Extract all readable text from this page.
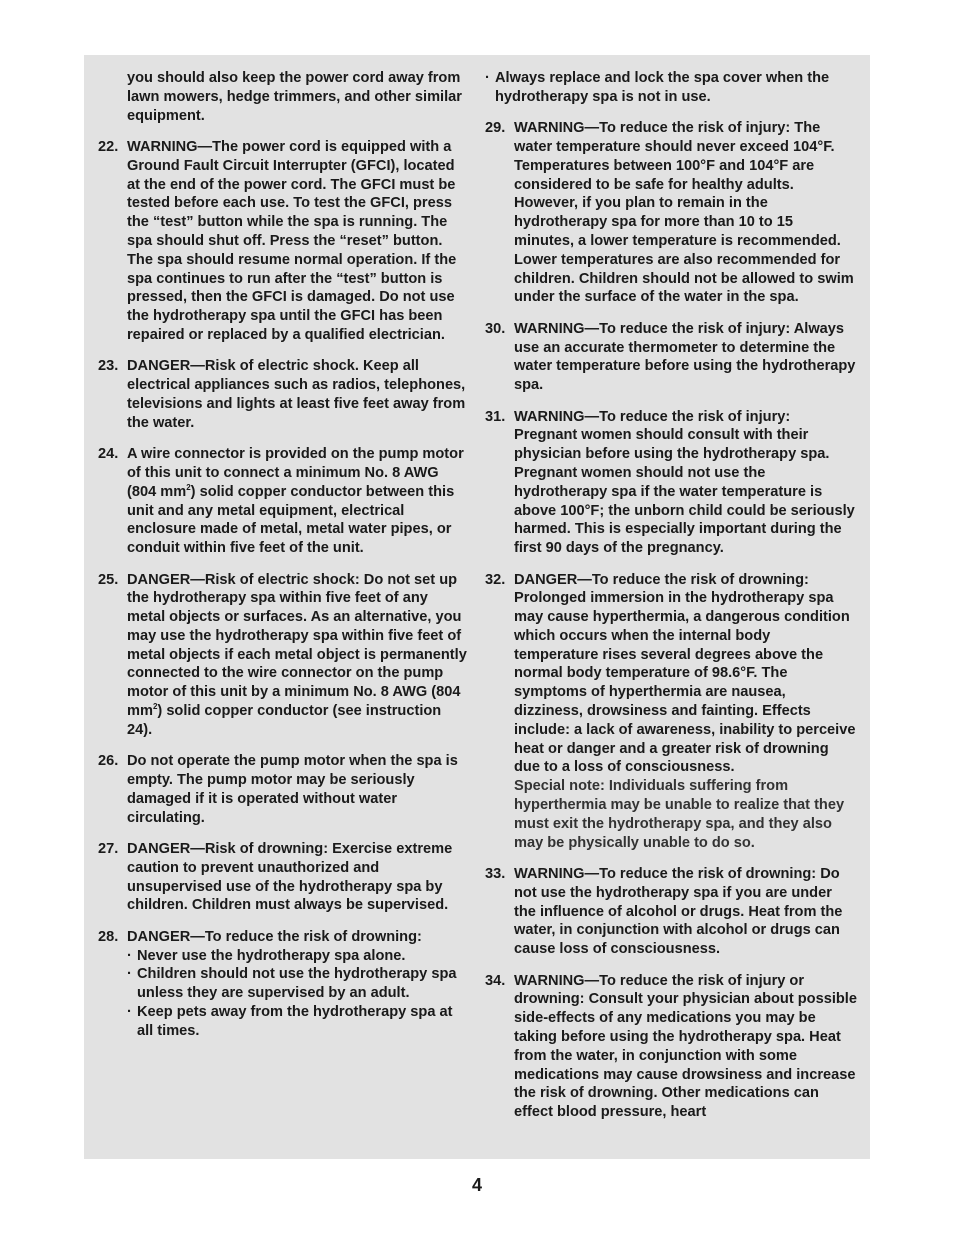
you should also keep the power cord away from lawn mowers, hedge trimmers, and other similar equipment.
22. WARNING—The power cord is equipped with a Ground Fault Circuit Interrupter (GFCI), located at the end of the power cord. The GFCI must be tested before each use. To test the GFCI, press the “test” button while the spa is running. The spa should shut off. Press the “reset” button. The spa should resume normal operation. If the spa continues to run after the “test” button is pressed, then the GFCI is damaged. Do not use the hydrotherapy spa until the GFCI has been repaired or replaced by a qualified electrician.
23. DANGER—Risk of electric shock. Keep all electrical appliances such as radios, telephones, televisions and lights at least five feet away from the water.
24. A wire connector is provided on the pump motor of this unit to connect a minimum No. 8 AWG (804 $mm^2$) solid copper conductor between this unit and any metal equipment, electrical enclosure made of metal, metal water pipes, or conduit within five feet of the unit.
25. DANGER—Risk of electric shock: Do not set up the hydrotherapy spa within five feet of any metal objects or surfaces. As an alternative, you may use the hydrotherapy spa within five feet of metal objects if each metal object is permanently connected to the wire connector on the pump motor of this unit by a minimum No. 8 AWG (804 $mm^2$) solid copper conductor (see instruction 24).
26. Do not operate the pump motor when the spa is empty. The pump motor may be seriously damaged if it is operated without water circulating.
27. DANGER—Risk of drowning: Exercise extreme caution to prevent unauthorized and unsupervised use of the hydrotherapy spa by children. Children must always be supervised.
28. DANGER—To reduce the risk of drowning:
· Never use the hydrotherapy spa alone.
· Children should not use the hydrotherapy spa unless they are supervised by an adult.
· Keep pets away from the hydrotherapy spa at all times.
· Always replace and lock the spa cover when the hydrotherapy spa is not in use.
29. WARNING—To reduce the risk of injury: The water temperature should never exceed 104°F. Temperatures between 100°F and 104°F are considered to be safe for healthy adults. However, if you plan to remain in the hydrotherapy spa for more than 10 to 15 minutes, a lower temperature is recommended. Lower temperatures are also recommended for children. Children should not be allowed to swim under the surface of the water in the spa.
30. WARNING—To reduce the risk of injury: Always use an accurate thermometer to determine the water temperature before using the hydrotherapy spa.
31. WARNING—To reduce the risk of injury: Pregnant women should consult with their physician before using the hydrotherapy spa. Pregnant women should not use the hydrotherapy spa if the water temperature is above 100°F; the unborn child could be seriously harmed. This is especially important during the first 90 days of the pregnancy.
32. DANGER—To reduce the risk of drowning: Prolonged immersion in the hydrotherapy spa may cause hyperthermia, a dangerous condition which occurs when the internal body temperature rises several degrees above the normal body temperature of 98.6°F. The symptoms of hyperthermia are nausea, dizziness, drowsiness and fainting. Effects include: a lack of awareness, inability to perceive heat or danger and a greater risk of drowning due to a loss of consciousness.
Special note: Individuals suffering from hyperthermia may be unable to realize that they must exit the hydrotherapy spa, and they also may be physically unable to do so.
33. WARNING—To reduce the risk of drowning: Do not use the hydrotherapy spa if you are under the influence of alcohol or drugs. Heat from the water, in conjunction with alcohol or drugs can cause loss of consciousness.
34. WARNING—To reduce the risk of injury or drowning: Consult your physician about possible side-effects of any medications you may be taking before using the hydrotherapy spa. Heat from the water, in conjunction with some medications may cause drowsiness and increase the risk of drowning. Other medications can effect blood pressure, heart
4
